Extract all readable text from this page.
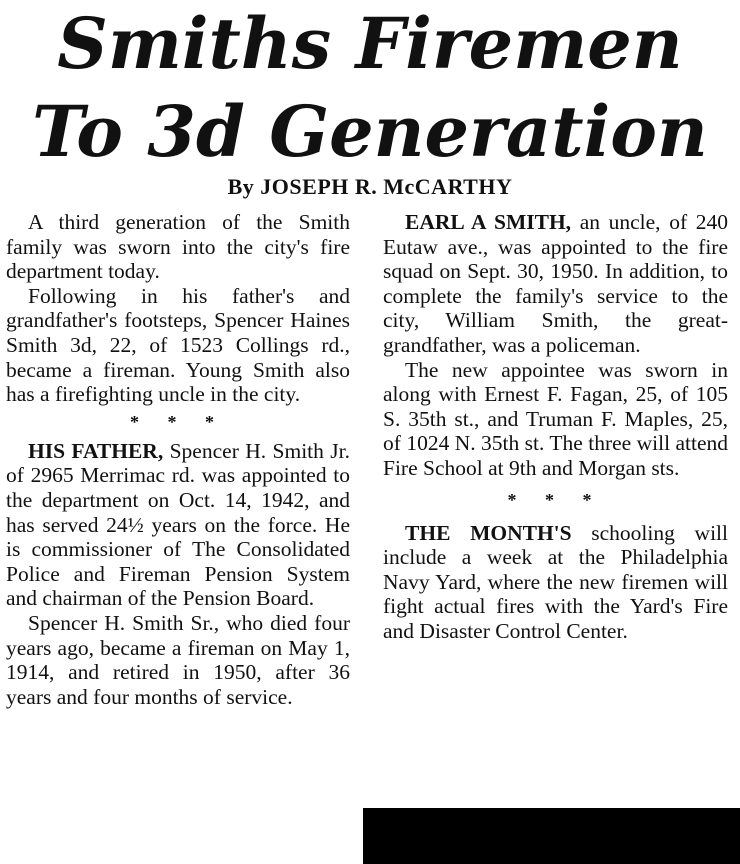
Smiths Firemen
To 3d Generation
By JOSEPH R. McCARTHY

A third generation of the Smith family was sworn into the city's fire department today.

Following in his father's and grandfather's footsteps, Spencer Haines Smith 3d, 22, of 1523 Collings rd., became a fireman. Young Smith also has a firefighting uncle in the city.

* * *

HIS FATHER, Spencer H. Smith Jr. of 2965 Merrimac rd. was appointed to the department on Oct. 14, 1942, and has served 24½ years on the force. He is commissioner of The Consolidated Police and Fireman Pension System and chairman of the Pension Board.

Spencer H. Smith Sr., who died four years ago, became a fireman on May 1, 1914, and retired in 1950, after 36 years and four months of service.

EARL A SMITH, an uncle, of 240 Eutaw ave., was appointed to the fire squad on Sept. 30, 1950. In addition, to complete the family's service to the city, William Smith, the great-grandfather, was a policeman.

The new appointee was sworn in along with Ernest F. Fagan, 25, of 105 S. 35th st., and Truman F. Maples, 25, of 1024 N. 35th st. The three will attend Fire School at 9th and Morgan sts.

* * *

THE MONTH'S schooling will include a week at the Philadelphia Navy Yard, where the new firemen will fight actual fires with the Yard's Fire and Disaster Control Center.
